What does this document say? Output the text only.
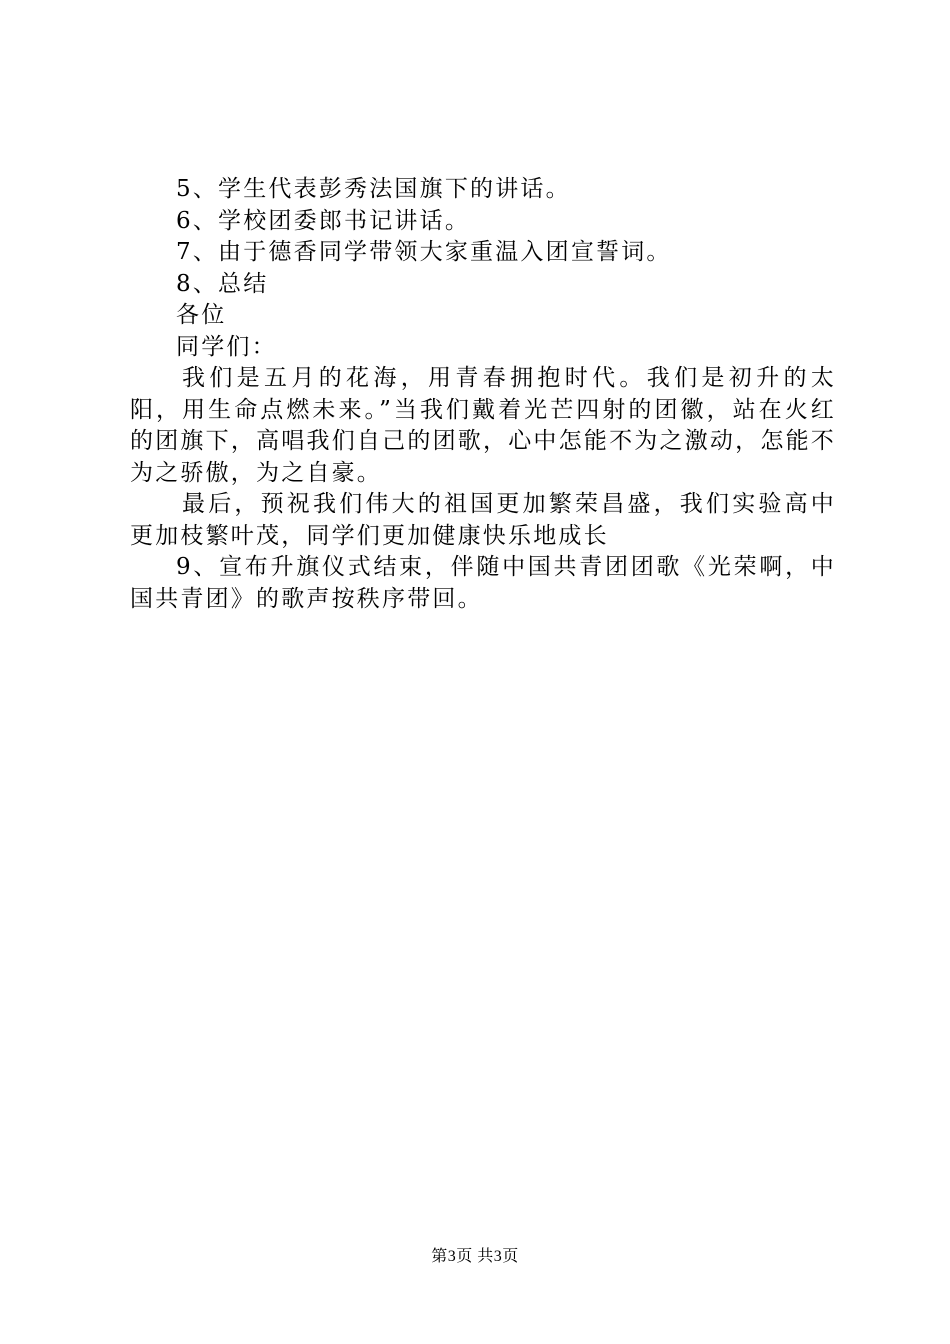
5、学生代表彭秀法国旗下的讲话。

6、学校团委郎书记讲话。

7、由于德香同学带领大家重温入团宣誓词。

8、总结

各位

同学们：

我们是五月的花海，用青春拥抱时代。我们是初升的太阳，用生命点燃未来。”当我们戴着光芒四射的团徽，站在火红的团旗下，高唱我们自己的团歌，心中怎能不为之激动，怎能不为之骄傲，为之自豪。

最后，预祝我们伟大的祖国更加繁荣昌盛，我们实验高中更加枝繁叶茂，同学们更加健康快乐地成长

9、宣布升旗仪式结束，伴随中国共青团团歌《光荣啊，中国共青团》的歌声按秩序带回。

第3页 共3页
